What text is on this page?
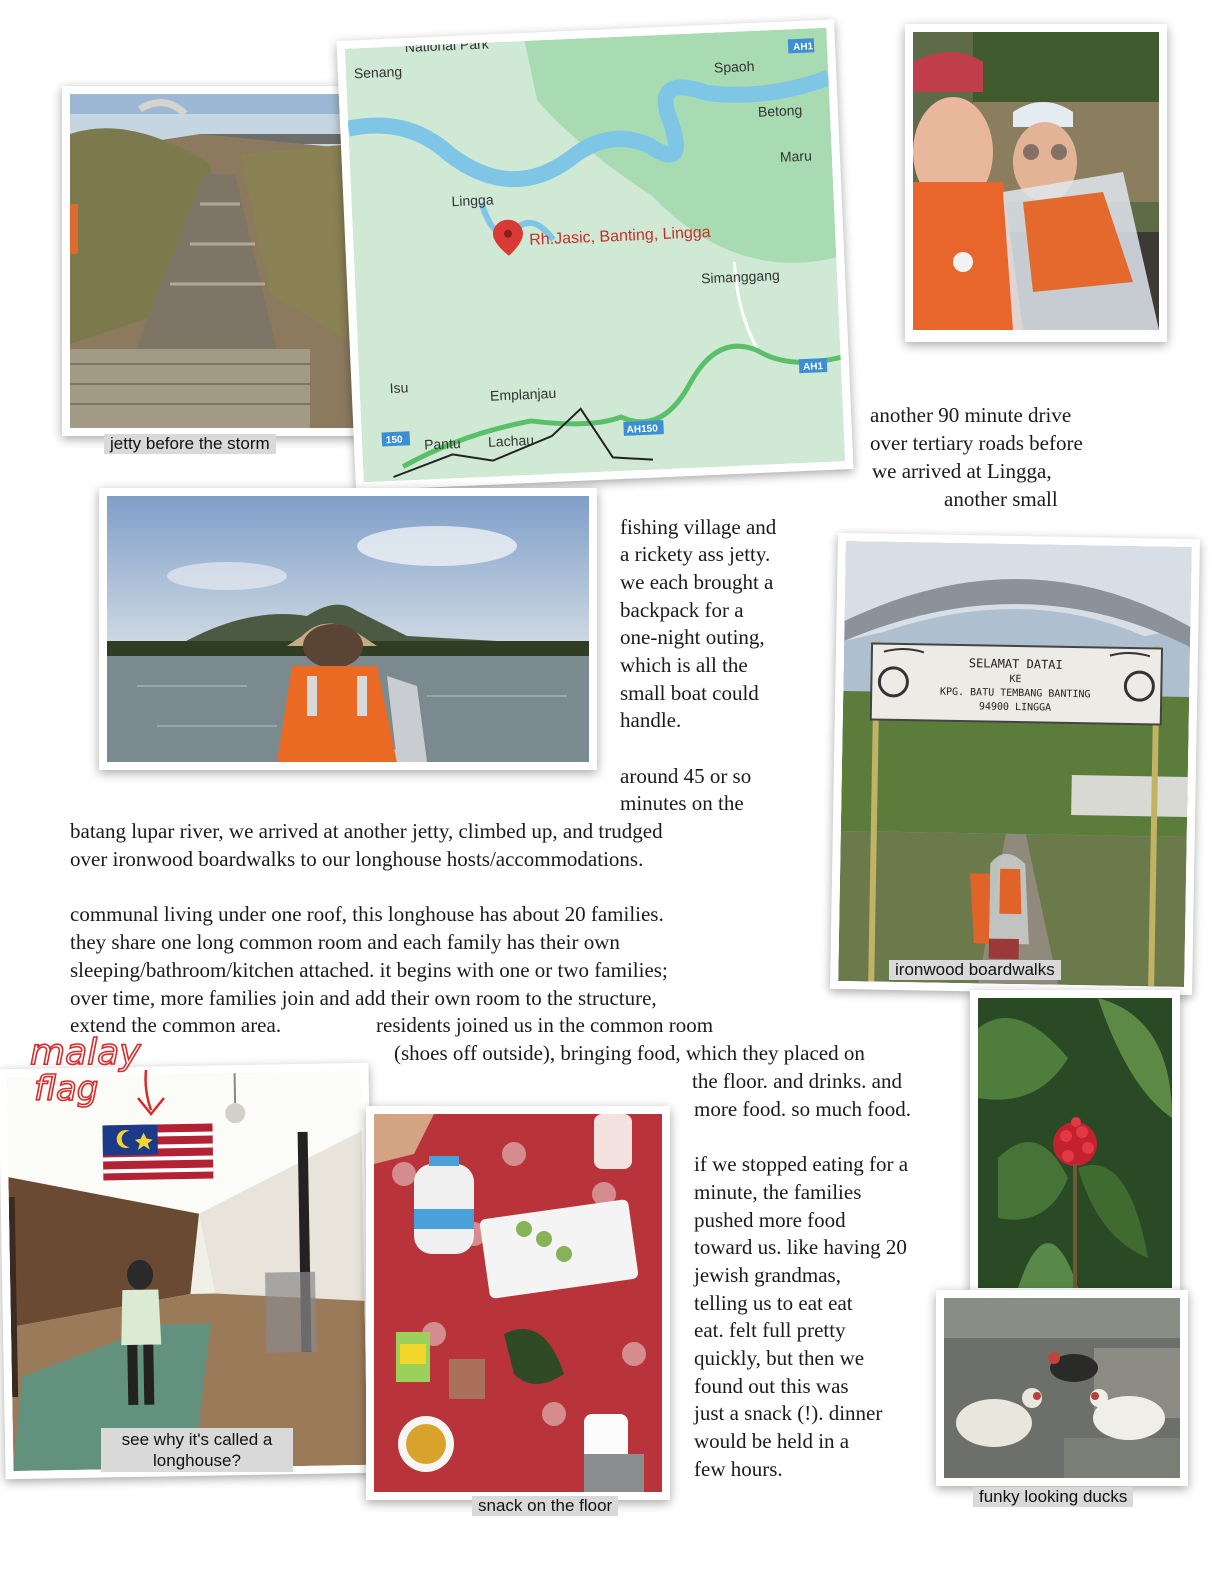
jetty before the storm
AH1
AH1
150
AH150
National Park
Senang	Spaoh
Betong
Maru
Lingga
Simanggang
Isu	Emplanjau
Pantu Lachau
Rh.Jasic, Banting, Lingga
SELAMAT DATAI
KE
KPG. BATU TEMBANG BANTING
94900 LINGGA
ironwood boardwalks
see why it's called a
longhouse?
malay
flag
snack on the floor	funky looking ducks

another 90 minute drive

over tertiary roads before

we arrived at Lingga,

another small

fishing village and

a rickety ass jetty.

we each brought a

backpack for a

one-night outing,

which is all the

small boat could

handle.

around 45 or so

minutes on the

batang lupar river, we arrived at another jetty, climbed up, and trudged

over ironwood boardwalks to our longhouse hosts/accommodations.

communal living under one roof, this longhouse has about 20 families.

they share one long common room and each family has their own

sleeping/bathroom/kitchen attached. it begins with one or two families;

over time, more families join and add their own room to the structure,

extend the common area.	residents joined us in the common room

(shoes off outside), bringing food, which they placed on

the floor. and drinks. and

more food. so much food.

if we stopped eating for a

minute, the families

pushed more food

toward us. like having 20

jewish grandmas,

telling us to eat eat

eat. felt full pretty

quickly, but then we

found out this was

just a snack (!). dinner

would be held in a

few hours.
